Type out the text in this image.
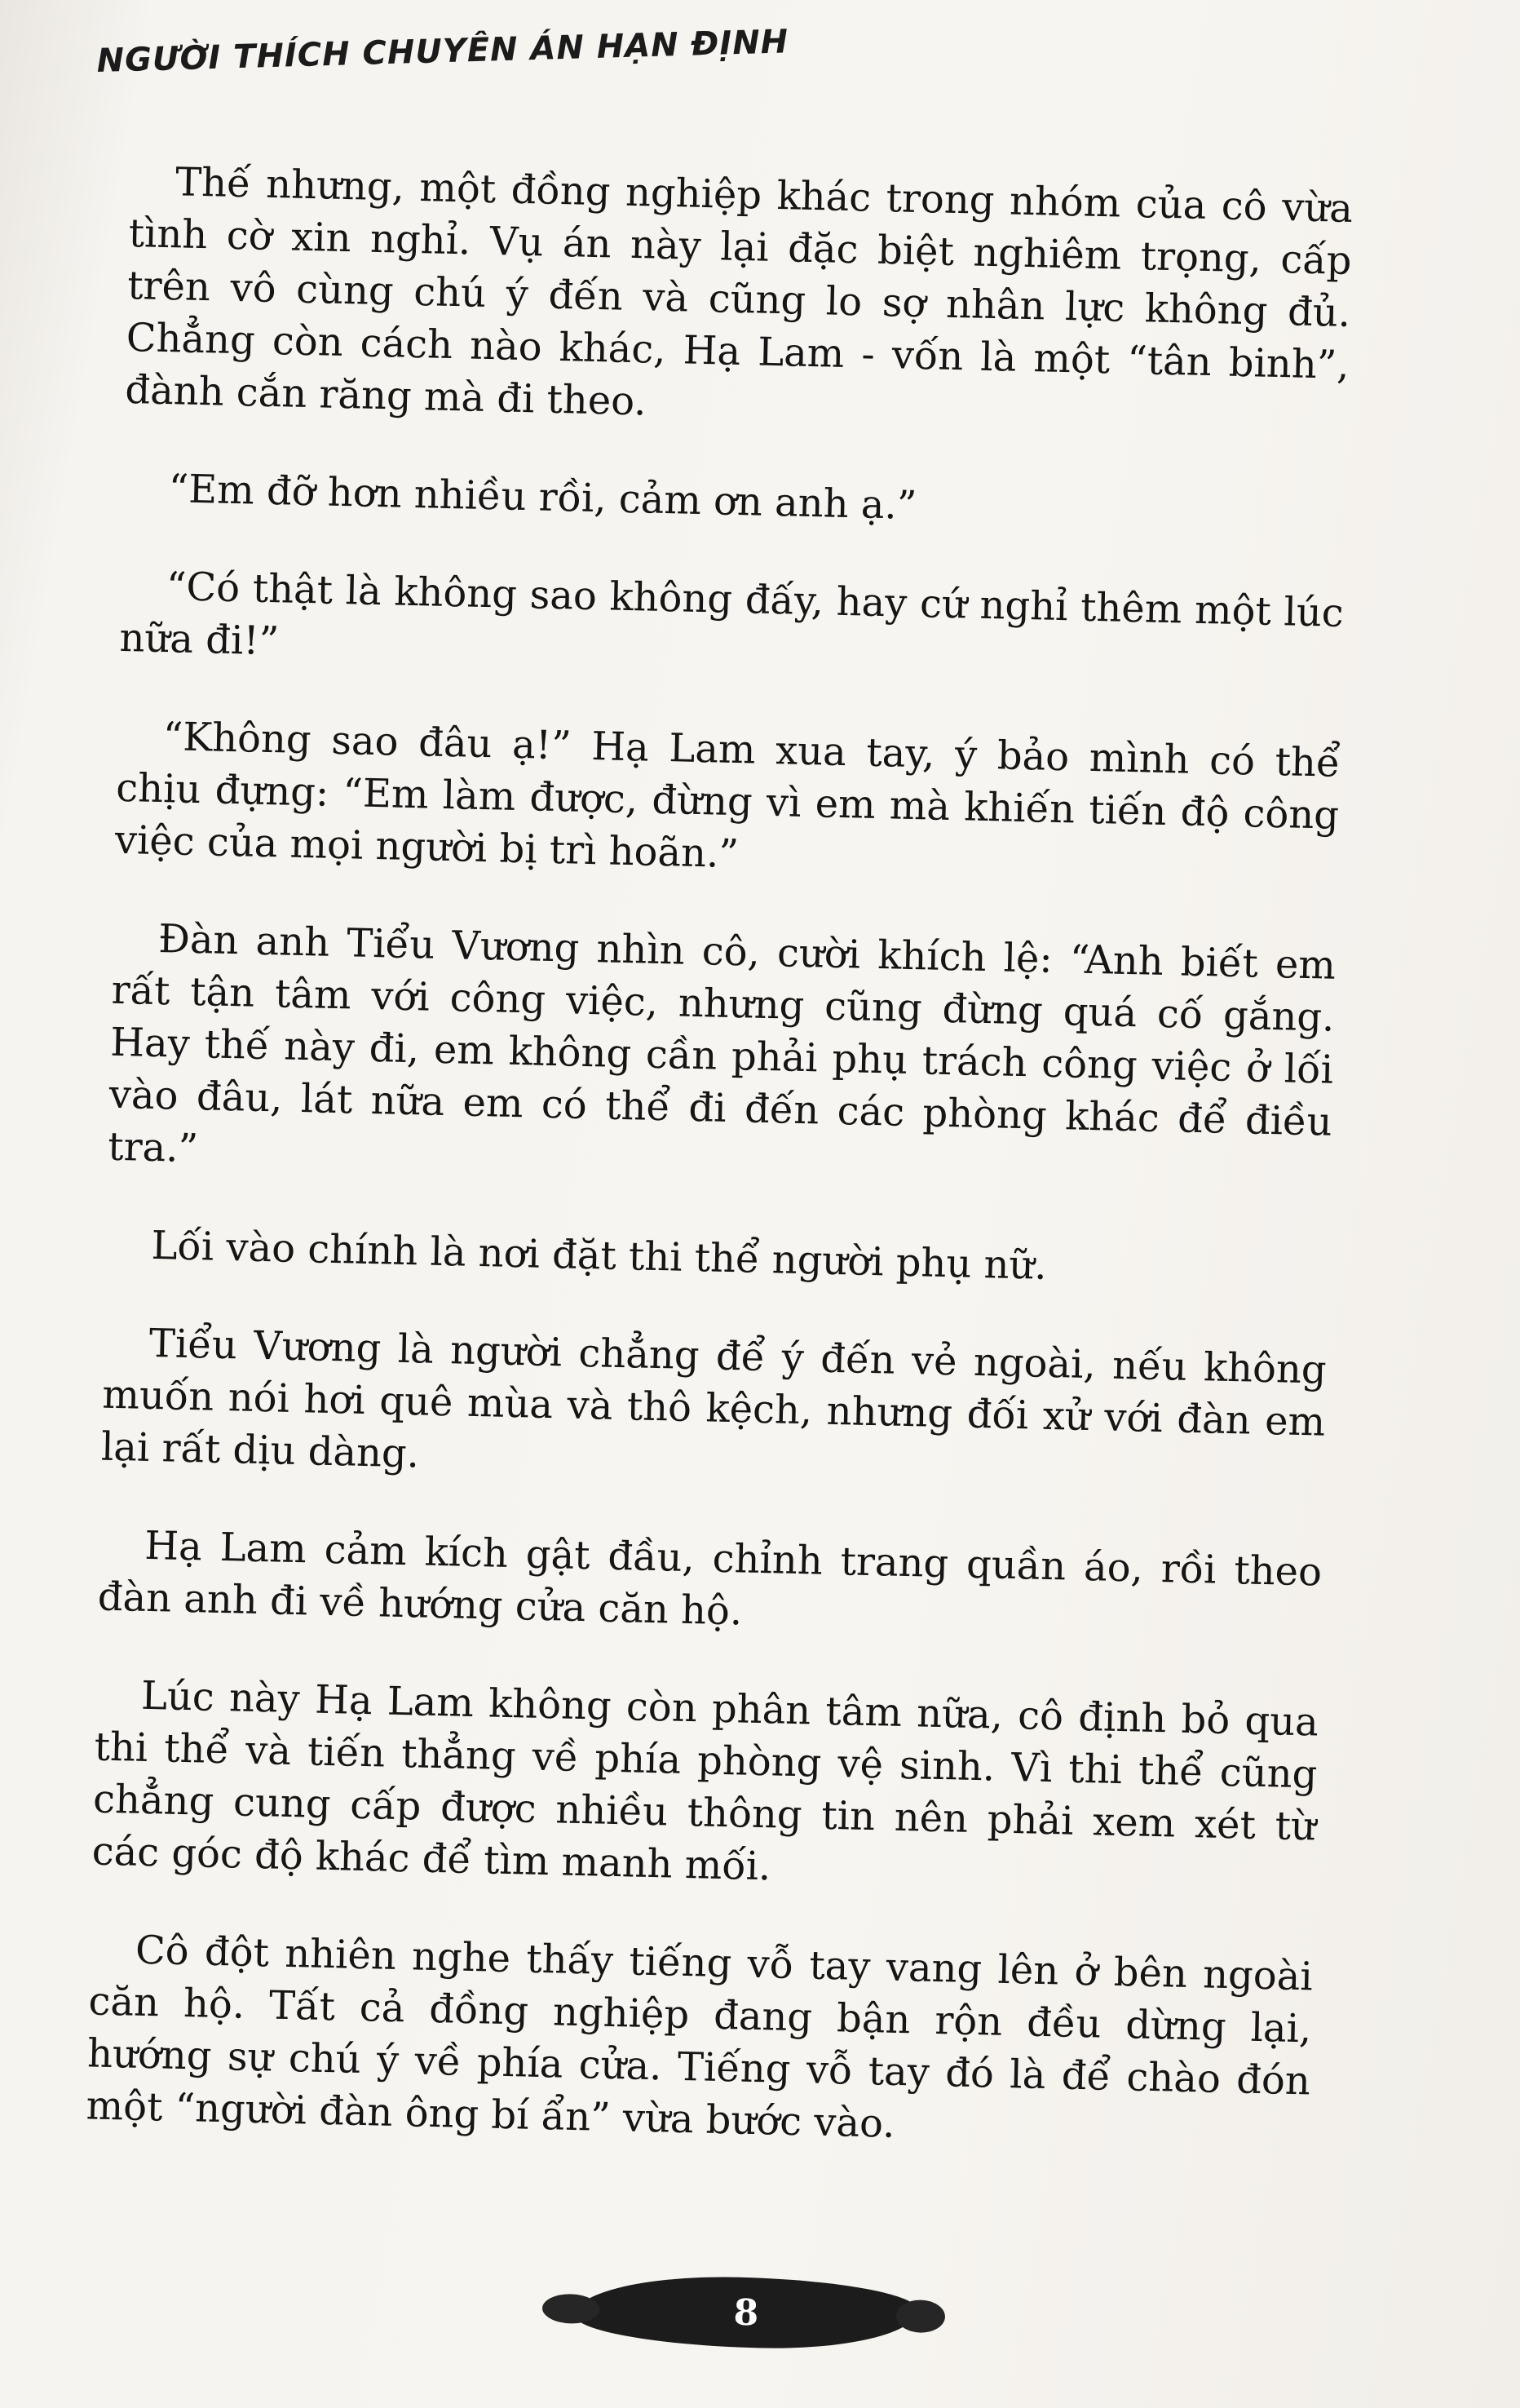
NGƯỜI THÍCH CHUYÊN ÁN HẠN ĐỊNH

Thế nhưng, một đồng nghiệp khác trong nhóm của cô vừa tình cờ xin nghỉ. Vụ án này lại đặc biệt nghiêm trọng, cấp trên vô cùng chú ý đến và cũng lo sợ nhân lực không đủ. Chẳng còn cách nào khác, Hạ Lam - vốn là một “tân binh”, đành cắn răng mà đi theo.

“Em đỡ hơn nhiều rồi, cảm ơn anh ạ.”

“Có thật là không sao không đấy, hay cứ nghỉ thêm một lúc nữa đi!”

“Không sao đâu ạ!” Hạ Lam xua tay, ý bảo mình có thể chịu đựng: “Em làm được, đừng vì em mà khiến tiến độ công việc của mọi người bị trì hoãn.”

Đàn anh Tiểu Vương nhìn cô, cười khích lệ: “Anh biết em rất tận tâm với công việc, nhưng cũng đừng quá cố gắng. Hay thế này đi, em không cần phải phụ trách công việc ở lối vào đâu, lát nữa em có thể đi đến các phòng khác để điều tra.”

Lối vào chính là nơi đặt thi thể người phụ nữ.

Tiểu Vương là người chẳng để ý đến vẻ ngoài, nếu không muốn nói hơi quê mùa và thô kệch, nhưng đối xử với đàn em lại rất dịu dàng.

Hạ Lam cảm kích gật đầu, chỉnh trang quần áo, rồi theo đàn anh đi về hướng cửa căn hộ.

Lúc này Hạ Lam không còn phân tâm nữa, cô định bỏ qua thi thể và tiến thẳng về phía phòng vệ sinh. Vì thi thể cũng chẳng cung cấp được nhiều thông tin nên phải xem xét từ các góc độ khác để tìm manh mối.

Cô đột nhiên nghe thấy tiếng vỗ tay vang lên ở bên ngoài căn hộ. Tất cả đồng nghiệp đang bận rộn đều dừng lại, hướng sự chú ý về phía cửa. Tiếng vỗ tay đó là để chào đón một “người đàn ông bí ẩn” vừa bước vào.

8
